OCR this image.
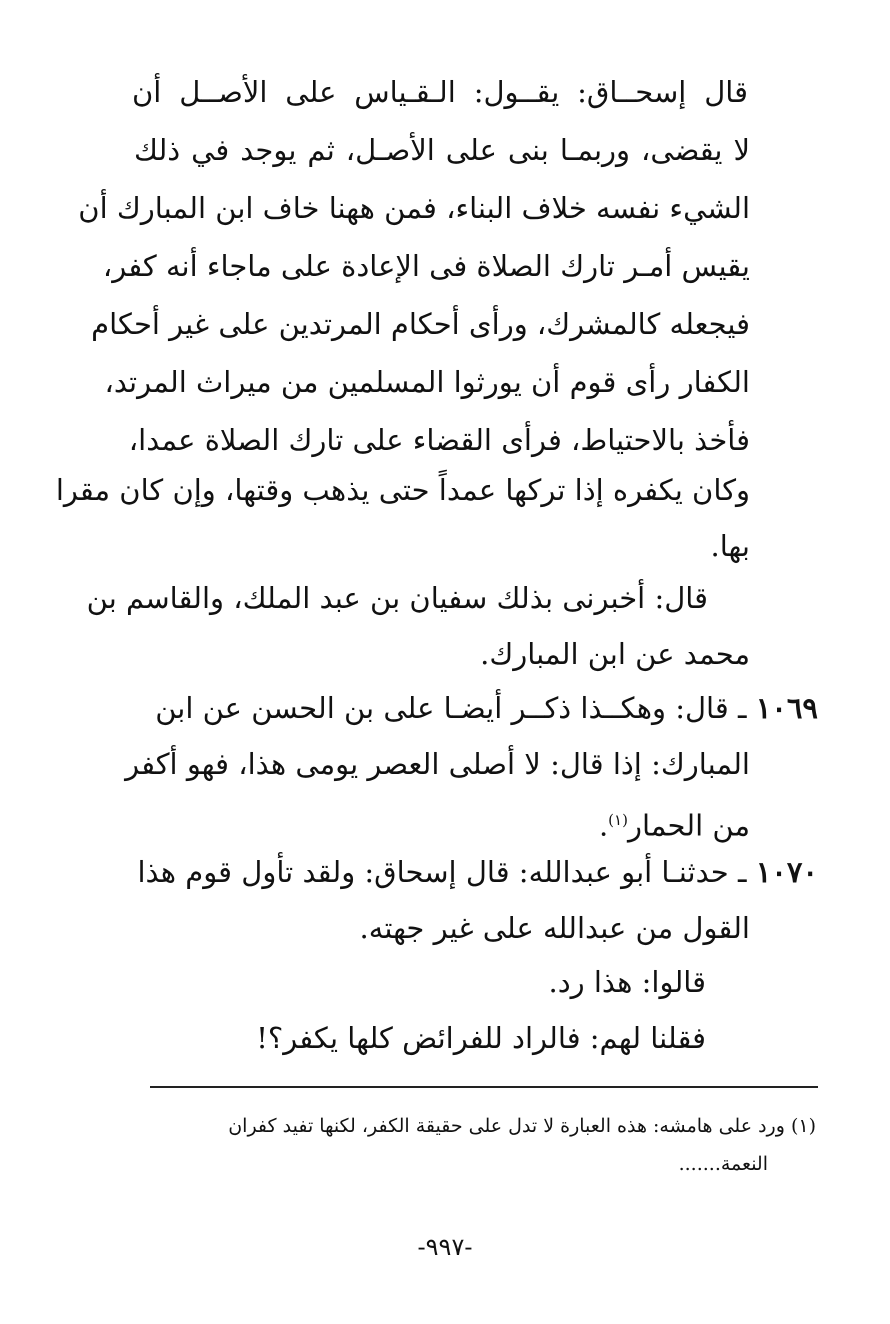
قال إسحــاق: يقــول: الـقـياس على الأصــل أن
لا يقضى، وربمـا بنى على الأصـل، ثم يوجد في ذلك
الشيء نفسه خلاف البناء، فمن ههنا خاف ابن المبارك أن
يقيس أمـر تارك الصلاة فى الإعادة على ماجاء أنه كفر،
فيجعله كالمشرك، ورأى أحكام المرتدين على غير أحكام
الكفار رأى قوم أن يورثوا المسلمين من ميراث المرتد،
فأخذ بالاحتياط، فرأى القضاء على تارك الصلاة عمدا،
وكان يكفره إذا تركها عمداً حتى يذهب وقتها، وإن كان مقرا
بها.
قال: أخبرنى بذلك سفيان بن عبد الملك، والقاسم بن
محمد عن ابن المبارك.
١٠٦٩ ـ قال: وهكــذا ذكــر أيضـا على بن الحسن عن ابن
المبارك: إذا قال: لا أصلى العصر يومى هذا، فهو أكفر
من الحمار$^{(١)}$.
١٠٧٠ ـ حدثنـا أبو عبدالله: قال إسحاق: ولقد تأول قوم هذا
القول من عبدالله على غير جهته.
قالوا: هذا رد.
فقلنا لهم: فالراد للفرائض كلها يكفر؟!
(١) ورد على هامشه: هذه العبارة لا تدل على حقيقة الكفر، لكنها تفيد كفران
النعمة.......
-٩٩٧-
